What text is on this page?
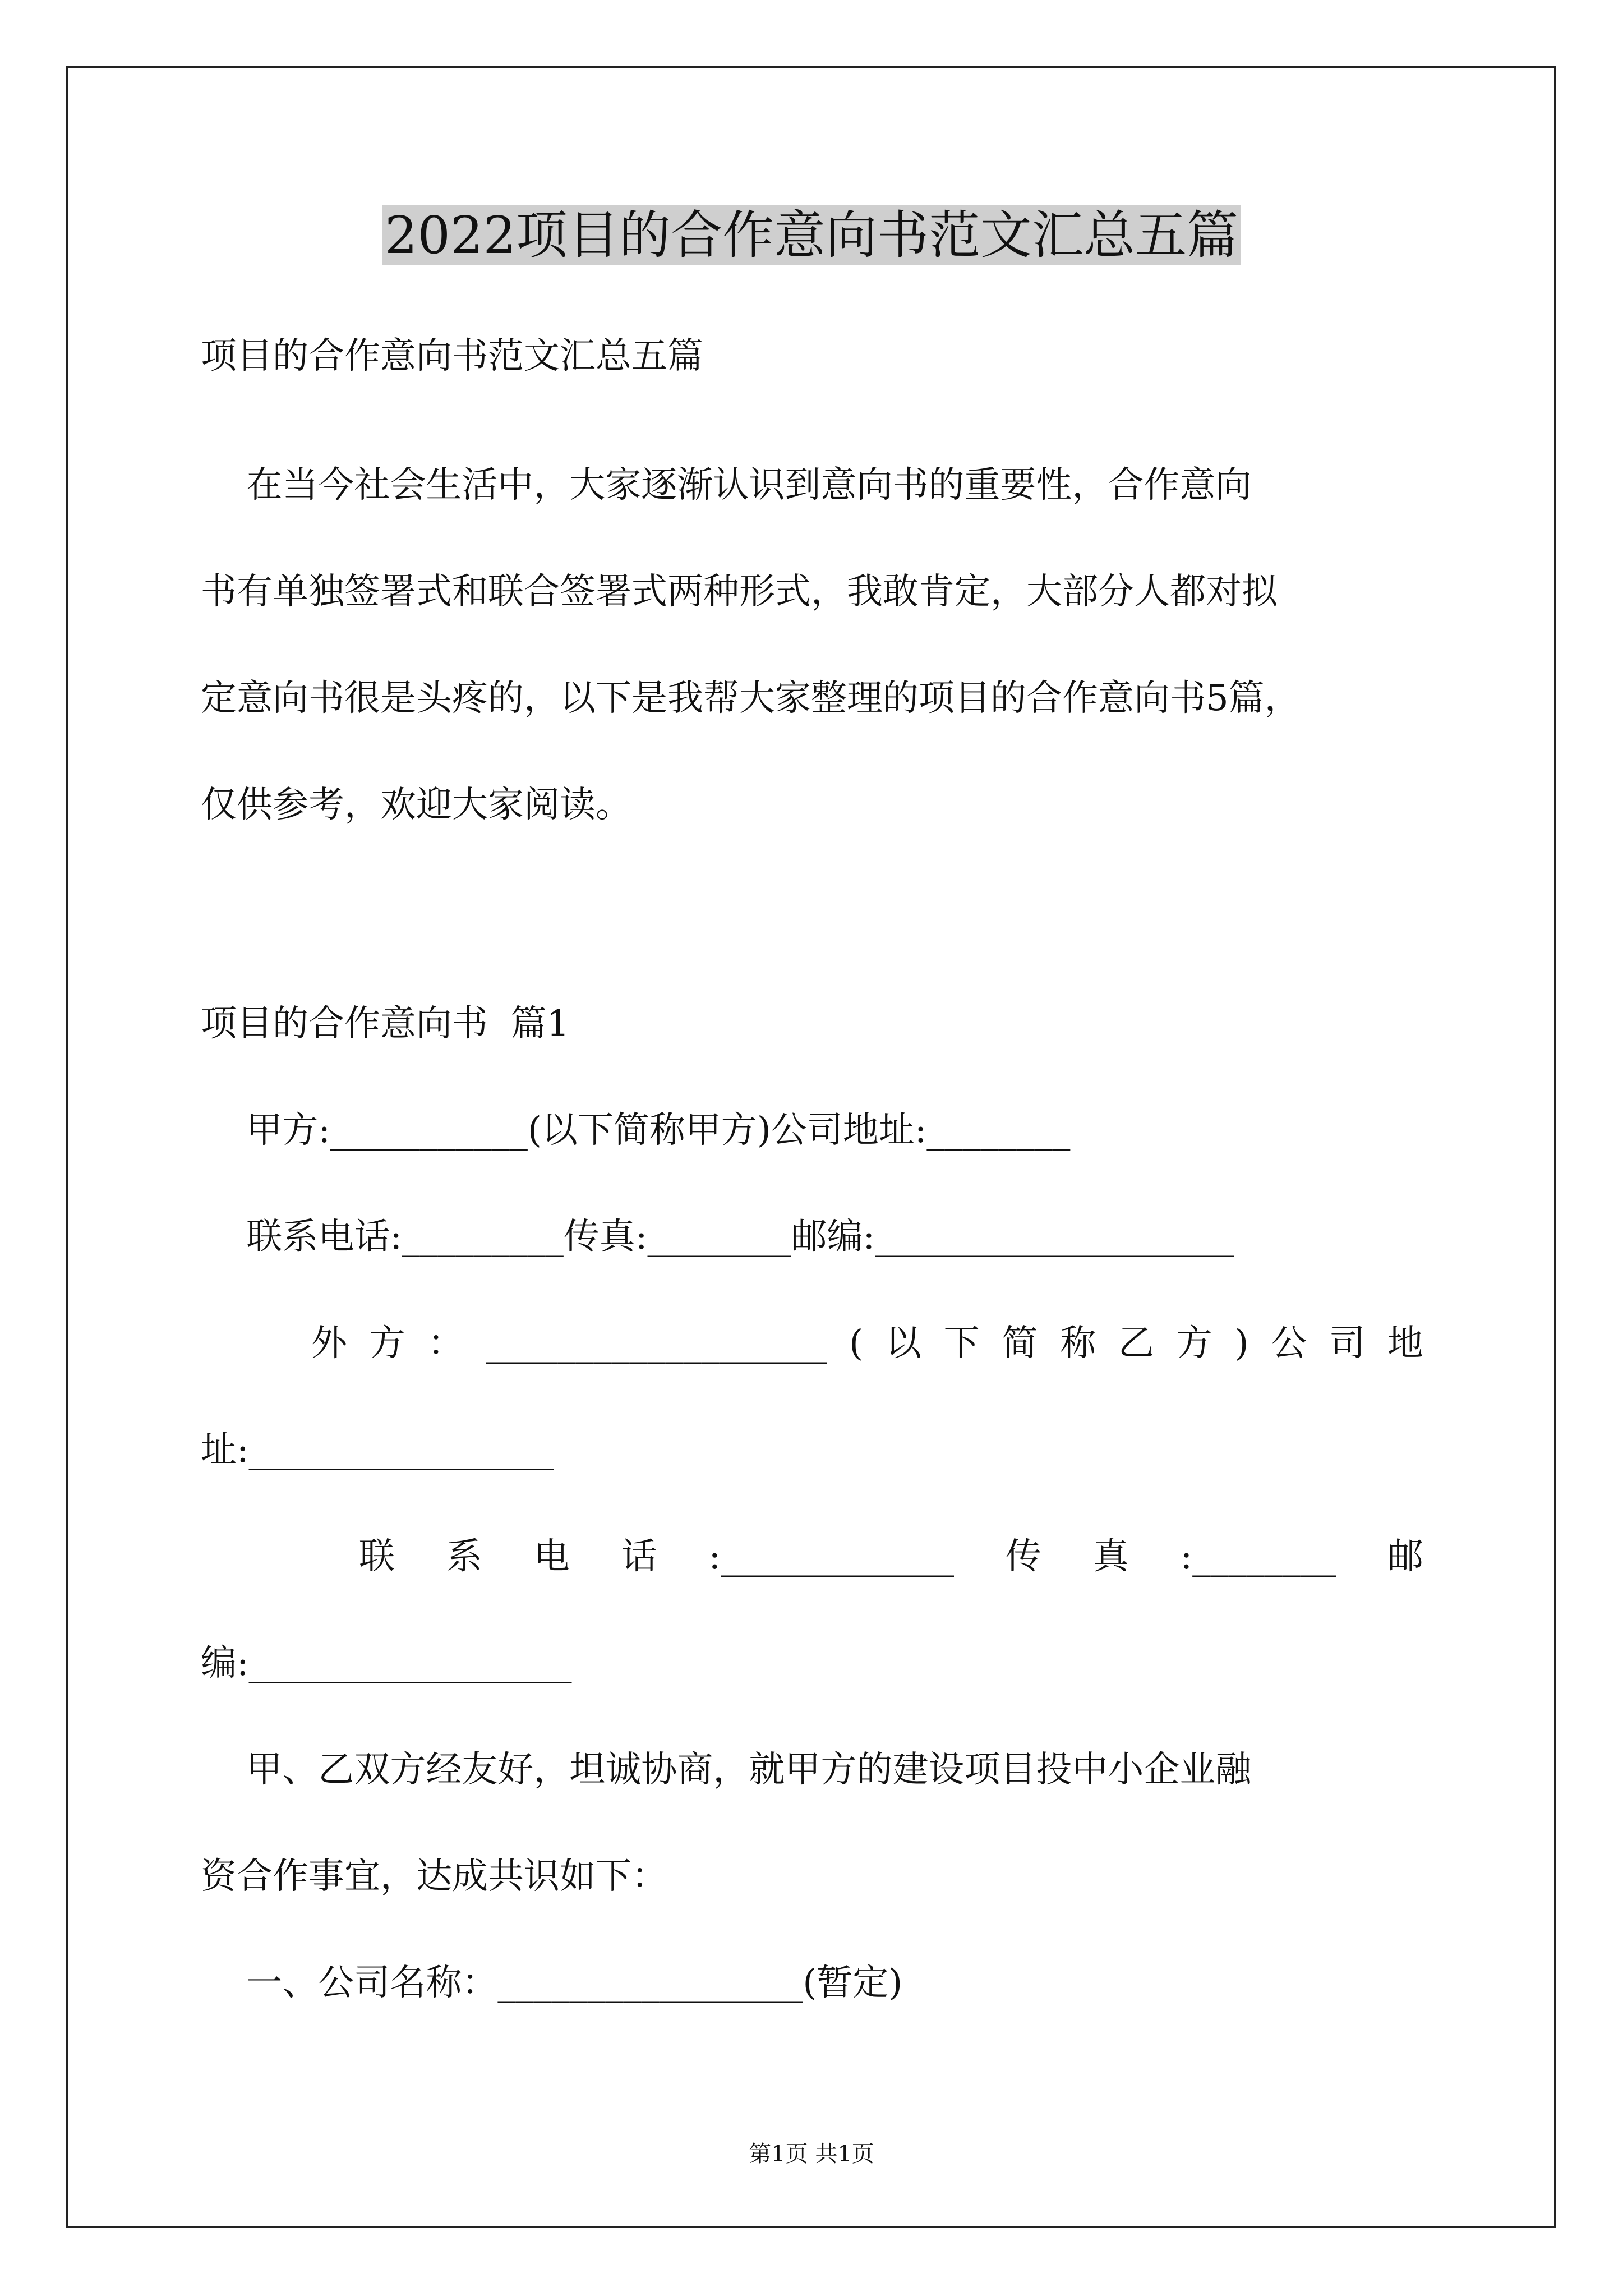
2022项目的合作意向书范文汇总五篇
项目的合作意向书范文汇总五篇
在当今社会生活中，大家逐渐认识到意向书的重要性，合作意向
书有单独签署式和联合签署式两种形式，我敢肯定，大部分人都对拟
定意向书很是头疼的，以下是我帮大家整理的项目的合作意向书5篇，
仅供参考，欢迎大家阅读。
项目的合作意向书  篇1
甲方:___________(以下简称甲方)公司地址:________
联系电话:_________传真:________邮编:____________________
外 方 ： ___________________ ( 以 下 简 称 乙 方 ) 公 司 地
址:_________________
联 系 电 话 :_____________ 传 真 :________ 邮
编:__________________
甲、乙双方经友好，坦诚协商，就甲方的建设项目投中小企业融
资合作事宜，达成共识如下：
一、公司名称：_________________(暂定)
第1页 共1页
